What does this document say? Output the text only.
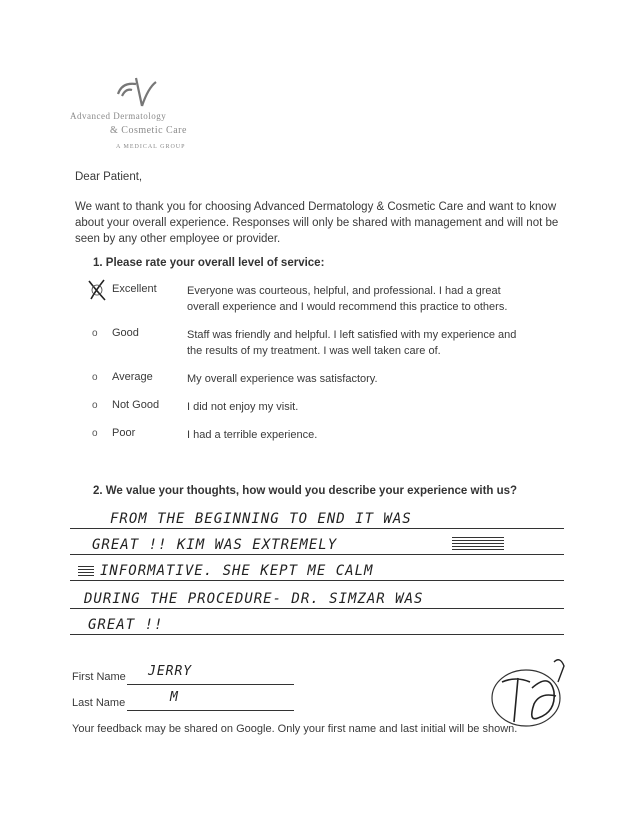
Advanced Dermatology
& Cosmetic Care
A MEDICAL GROUP
Dear Patient,
We want to thank you for choosing Advanced Dermatology & Cosmetic Care and want to know about your overall experience. Responses will only be shared with management and will not be seen by any other employee or provider.
1. Please rate your overall level of service:
Excellent	Everyone was courteous, helpful, and professional. I had a great overall experience and I would recommend this practice to others.
o Good	Staff was friendly and helpful. I left satisfied with my experience and the results of my treatment. I was well taken care of.
o Average	My overall experience was satisfactory.
o Not Good	I did not enjoy my visit.
o Poor	I had a terrible experience.
2. We value your thoughts, how would you describe your experience with us?
FROM THE BEGINNING TO END IT WAS
GREAT !! KIM WAS EXTREMELY
INFORMATIVE. SHE KEPT ME CALM
DURING THE PROCEDURE- DR. SIMZAR WAS
GREAT !!
First Name JERRY
Last Name	M
Your feedback may be shared on Google. Only your first name and last initial will be shown.
